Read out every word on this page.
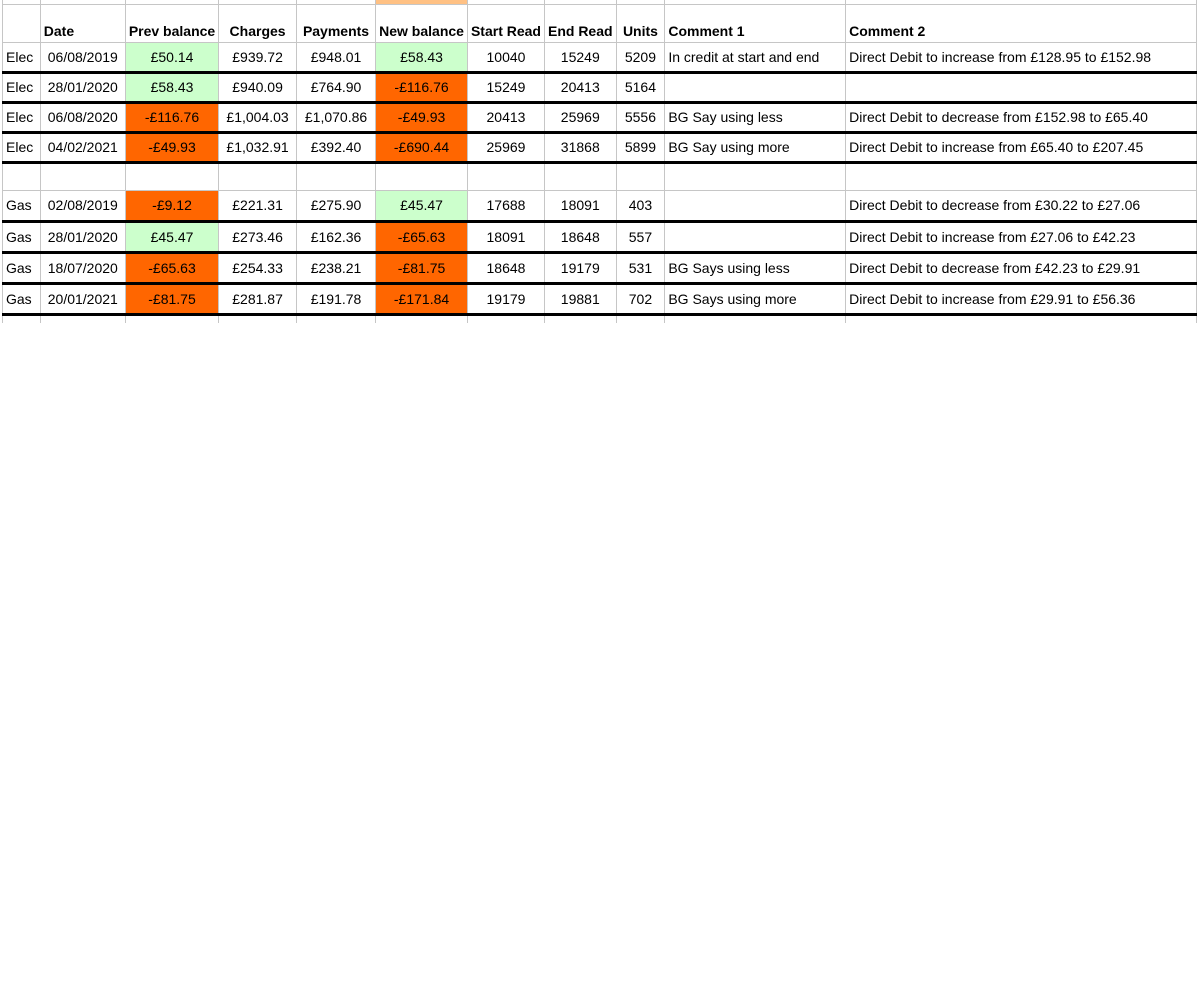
	Date	Prev balance	Charges	Payments	New balance	Start Read	End Read	Units	Comment 1	Comment 2
Elec	06/08/2019	£50.14	£939.72	£948.01	£58.43	10040	15249	5209	In credit at start and end	Direct Debit to increase from £128.95 to £152.98
Elec	28/01/2020	£58.43	£940.09	£764.90	-£116.76	15249	20413	5164		
Elec	06/08/2020	-£116.76	£1,004.03	£1,070.86	-£49.93	20413	25969	5556	BG Say using less	Direct Debit to decrease from £152.98 to £65.40
Elec	04/02/2021	-£49.93	£1,032.91	£392.40	-£690.44	25969	31868	5899	BG Say using more	Direct Debit to increase from £65.40 to £207.45

Gas	02/08/2019	-£9.12	£221.31	£275.90	£45.47	17688	18091	403		Direct Debit to decrease from £30.22 to £27.06
Gas	28/01/2020	£45.47	£273.46	£162.36	-£65.63	18091	18648	557		Direct Debit to increase from £27.06 to £42.23
Gas	18/07/2020	-£65.63	£254.33	£238.21	-£81.75	18648	19179	531	BG Says using less	Direct Debit to decrease from £42.23 to £29.91
Gas	20/01/2021	-£81.75	£281.87	£191.78	-£171.84	19179	19881	702	BG Says using more	Direct Debit to increase from £29.91 to £56.36
